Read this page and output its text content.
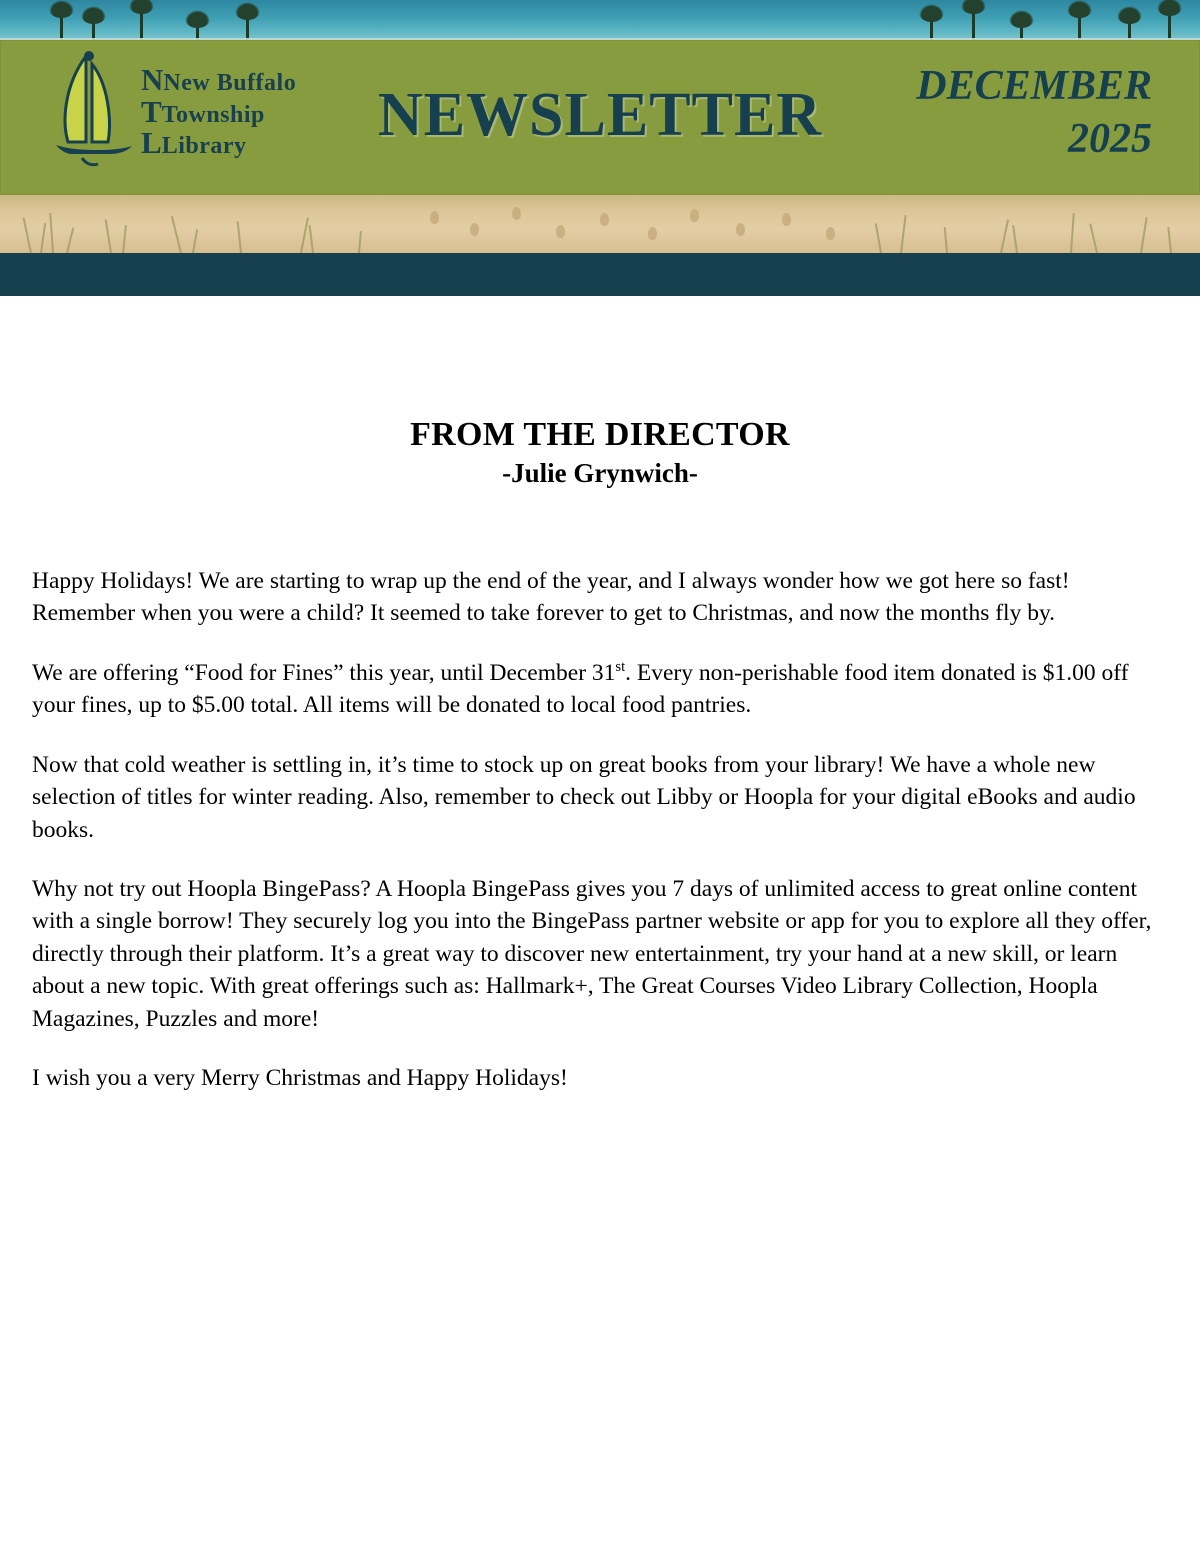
NNew Buffalo
TTownship
LLibrary	NEWSLETTER	DECEMBER
2025
FROM THE DIRECTOR
-Julie Grynwich-

Happy Holidays! We are starting to wrap up the end of the year, and I always wonder how we got here so fast! Remember when you were a child? It seemed to take forever to get to Christmas, and now the months fly by.

We are offering “Food for Fines” this year, until December 31st. Every non-perishable food item donated is $1.00 off your fines, up to $5.00 total. All items will be donated to local food pantries.

Now that cold weather is settling in, it’s time to stock up on great books from your library! We have a whole new selection of titles for winter reading. Also, remember to check out Libby or Hoopla for your digital eBooks and audio books.

Why not try out Hoopla BingePass? A Hoopla BingePass gives you 7 days of unlimited access to great online content with a single borrow! They securely log you into the BingePass partner website or app for you to explore all they offer, directly through their platform. It’s a great way to discover new entertainment, try your hand at a new skill, or learn about a new topic. With great offerings such as: Hallmark+, The Great Courses Video Library Collection, Hoopla Magazines, Puzzles and more!

I wish you a very Merry Christmas and Happy Holidays!
